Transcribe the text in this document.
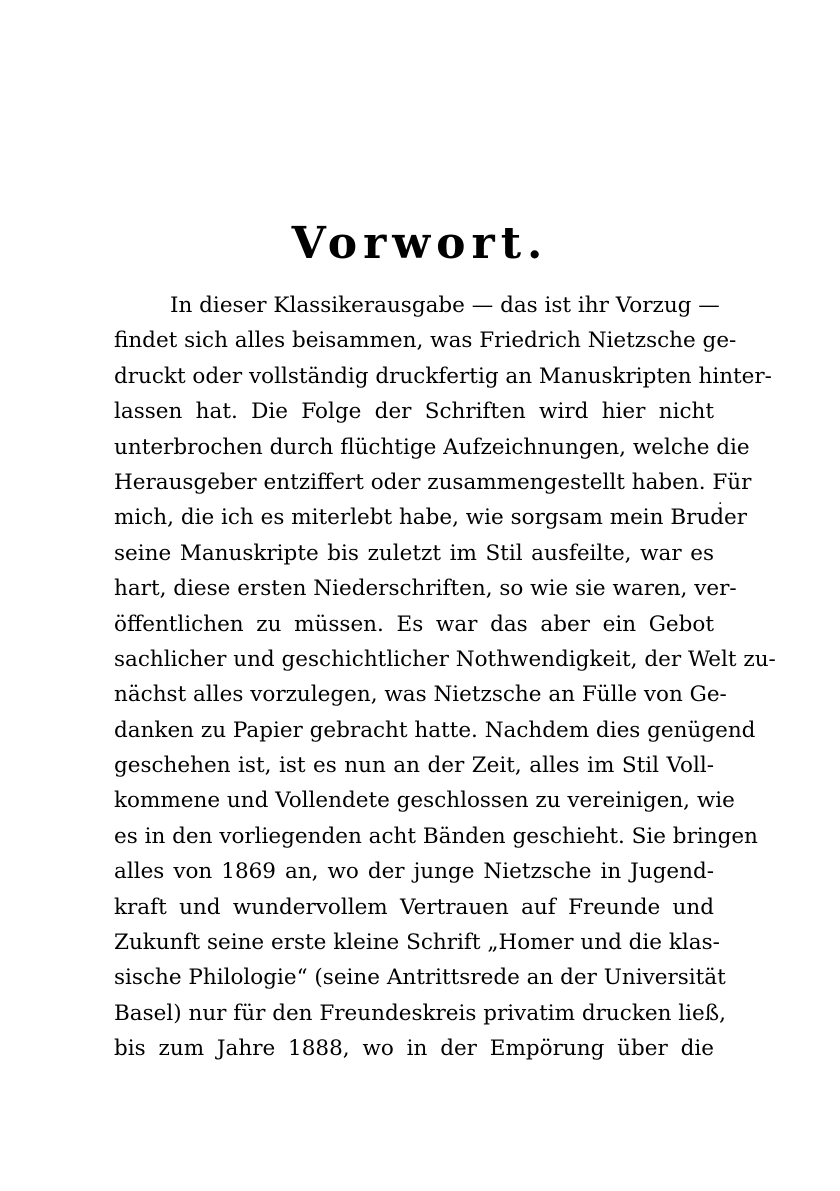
Vorwort.
In dieser Klassikerausgabe — das ist ihr Vorzug —
findet sich alles beisammen, was Friedrich Nietzsche ge-
druckt oder vollständig druckfertig an Manuskripten hinter-
lassen hat. Die Folge der Schriften wird hier nicht
unterbrochen durch flüchtige Aufzeichnungen, welche die
Herausgeber entziffert oder zusammengestellt haben. Für
mich, die ich es miterlebt habe, wie sorgsam mein Bruder
seine Manuskripte bis zuletzt im Stil ausfeilte, war es
hart, diese ersten Niederschriften, so wie sie waren, ver-
öffentlichen zu müssen. Es war das aber ein Gebot
sachlicher und geschichtlicher Nothwendigkeit, der Welt zu-
nächst alles vorzulegen, was Nietzsche an Fülle von Ge-
danken zu Papier gebracht hatte. Nachdem dies genügend
geschehen ist, ist es nun an der Zeit, alles im Stil Voll-
kommene und Vollendete geschlossen zu vereinigen, wie
es in den vorliegenden acht Bänden geschieht. Sie bringen
alles von 1869 an, wo der junge Nietzsche in Jugend-
kraft und wundervollem Vertrauen auf Freunde und
Zukunft seine erste kleine Schrift „Homer und die klas-
sische Philologie“ (seine Antrittsrede an der Universität
Basel) nur für den Freundeskreis privatim drucken ließ,
bis zum Jahre 1888, wo in der Empörung über die
.
